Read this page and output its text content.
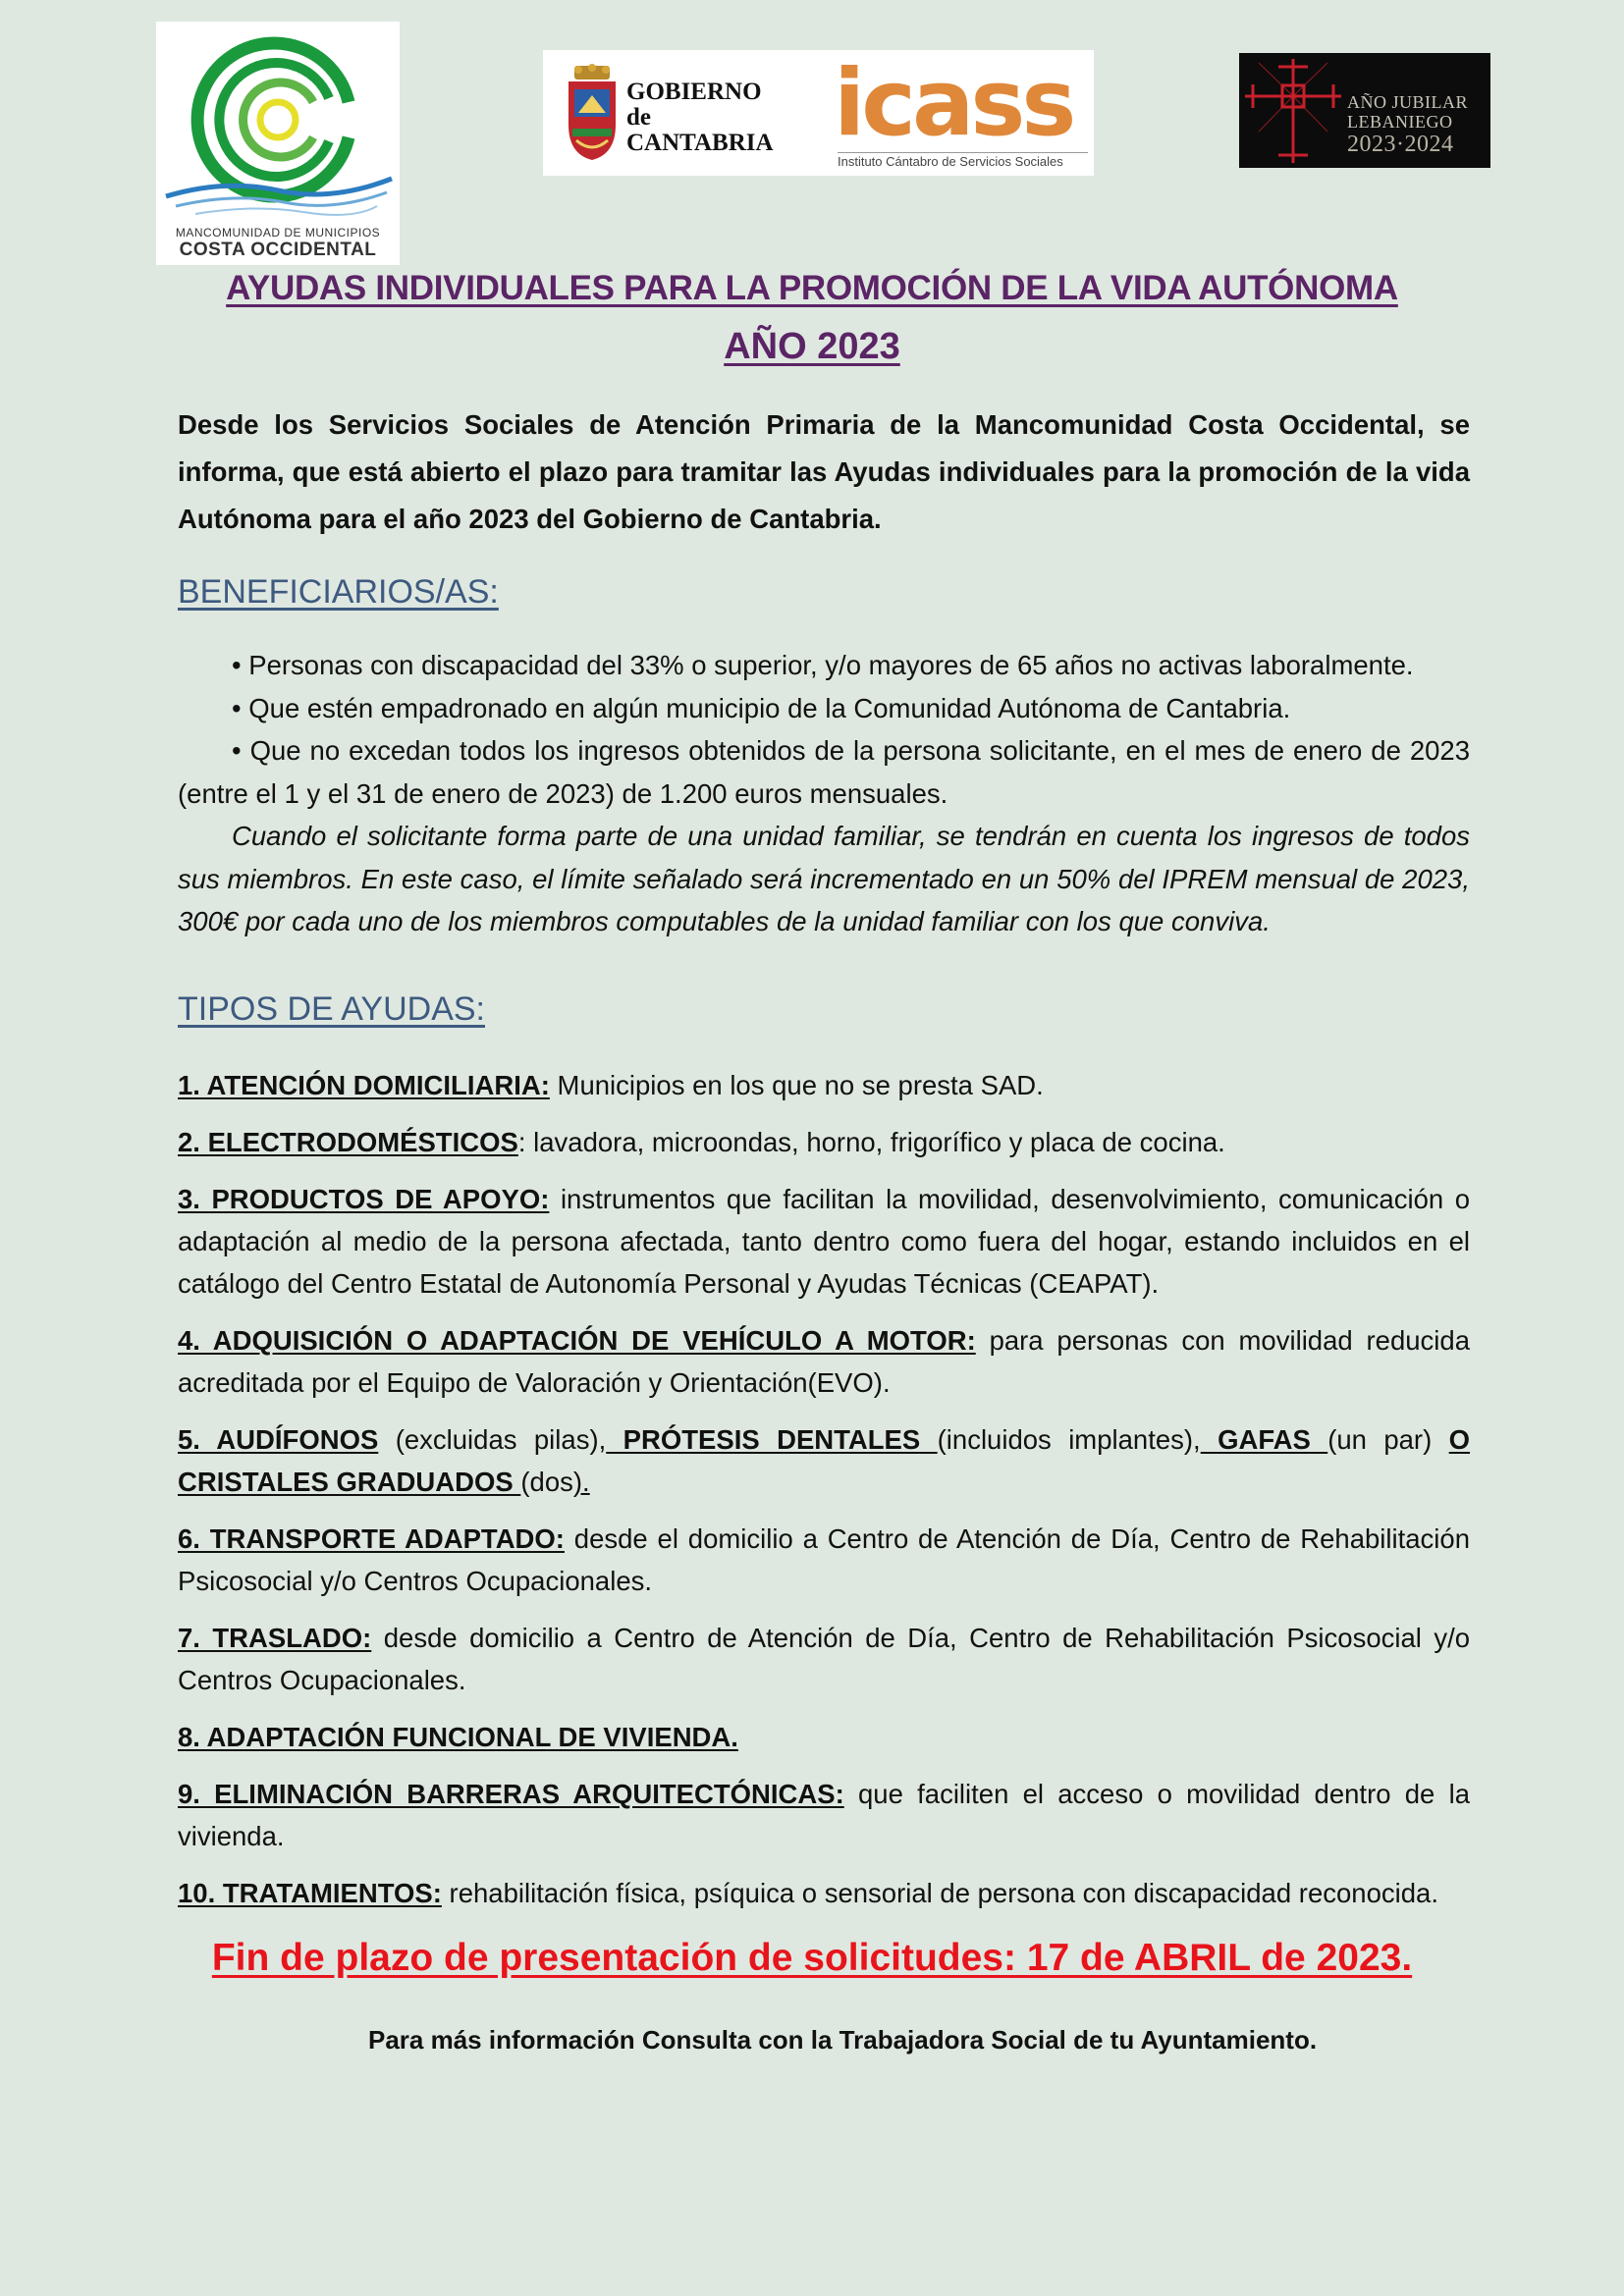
MANCOMUNIDAD DE MUNICIPIOS
COSTA OCCIDENTAL
GOBIERNO
de
CANTABRIA icass
Instituto Cántabro de Servicios Sociales
AÑO JUBILAR
LEBANIEGO
2023·2024
AYUDAS INDIVIDUALES PARA LA PROMOCIÓN DE LA VIDA AUTÓNOMA
AÑO 2023
Desde los Servicios Sociales de Atención Primaria de la Mancomunidad Costa Occidental, se informa, que está abierto el plazo para tramitar las Ayudas individuales para la promoción de la vida Autónoma para el año 2023 del Gobierno de Cantabria.
BENEFICIARIOS/AS:
• Personas con discapacidad del 33% o superior, y/o mayores de 65 años no activas laboralmente.
• Que estén empadronado en algún municipio de la Comunidad Autónoma de Cantabria.
• Que no excedan todos los ingresos obtenidos de la persona solicitante, en el mes de enero de 2023 (entre el 1 y el 31 de enero de 2023) de 1.200 euros mensuales.
Cuando el solicitante forma parte de una unidad familiar, se tendrán en cuenta los ingresos de todos sus miembros. En este caso, el límite señalado será incrementado en un 50% del IPREM mensual de 2023, 300€ por cada uno de los miembros computables de la unidad familiar con los que conviva.
TIPOS DE AYUDAS:
1. ATENCIÓN DOMICILIARIA: Municipios en los que no se presta SAD.
2. ELECTRODOMÉSTICOS: lavadora, microondas, horno, frigorífico y placa de cocina.
3. PRODUCTOS DE APOYO: instrumentos que facilitan la movilidad, desenvolvimiento, comunicación o adaptación al medio de la persona afectada, tanto dentro como fuera del hogar, estando incluidos en el catálogo del Centro Estatal de Autonomía Personal y Ayudas Técnicas (CEAPAT).
4. ADQUISICIÓN O ADAPTACIÓN DE VEHÍCULO A MOTOR: para personas con movilidad reducida acreditada por el Equipo de Valoración y Orientación(EVO).
5. AUDÍFONOS (excluidas pilas), PRÓTESIS DENTALES (incluidos implantes), GAFAS (un par) O CRISTALES GRADUADOS (dos).
6. TRANSPORTE ADAPTADO: desde el domicilio a Centro de Atención de Día, Centro de Rehabilitación Psicosocial y/o Centros Ocupacionales.
7. TRASLADO: desde domicilio a Centro de Atención de Día, Centro de Rehabilitación Psicosocial y/o Centros Ocupacionales.
8. ADAPTACIÓN FUNCIONAL DE VIVIENDA.
9. ELIMINACIÓN BARRERAS ARQUITECTÓNICAS: que faciliten el acceso o movilidad dentro de la vivienda.
10. TRATAMIENTOS: rehabilitación física, psíquica o sensorial de persona con discapacidad reconocida.
Fin de plazo de presentación de solicitudes: 17 de ABRIL de 2023.
Para más información Consulta con la Trabajadora Social de tu Ayuntamiento.
